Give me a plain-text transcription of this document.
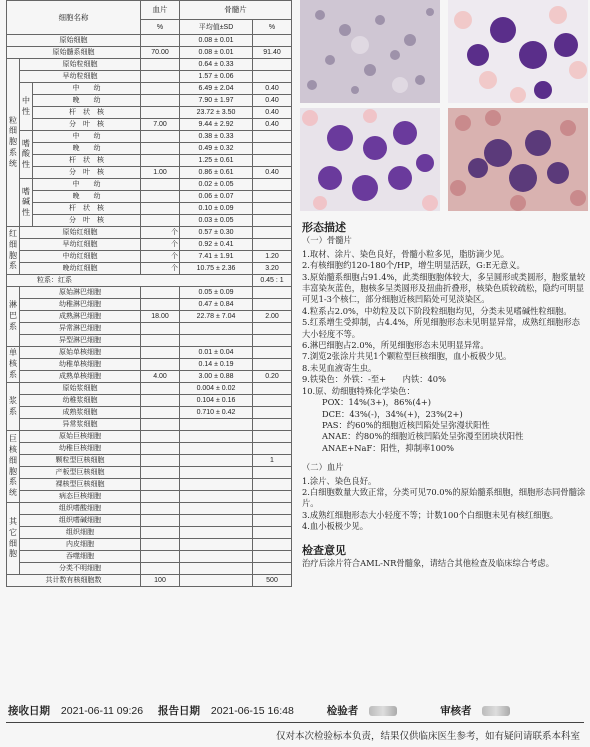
细胞名称			血片	骨髓片	
			%	平均值±SD	%
原始细胞				0.08 ± 0.01	
原始髓系细胞			70.00	0.08 ± 0.01	91.40
粒细胞系统	原始粒细胞			0.64 ± 0.33	
	早幼粒细胞			1.57 ± 0.06	
	中性	中　　幼		6.49 ± 2.04	0.40
		晚　　幼		7.90 ± 1.97	0.40
		杆　状　核		23.72 ± 3.50	0.40
		分　叶　核	7.00	9.44 ± 2.92	0.40
	嗜酸性	中　　幼		0.38 ± 0.33	
		晚　　幼		0.49 ± 0.32	
		杆　状　核		1.25 ± 0.61	
		分　叶　核	1.00	0.86 ± 0.61	0.40
	嗜碱性	中　　幼		0.02 ± 0.05	
		晚　　幼		0.06 ± 0.07	
		杆　状　核		0.10 ± 0.09	
		分　叶　核		0.03 ± 0.05	
红细胞系	原始红细胞		个	0.57 ± 0.30	
	早幼红细胞		个	0.92 ± 0.41	
	中幼红细胞		个	7.41 ± 1.91	1.20
	晚幼红细胞		个	10.75 ± 2.36	3.20
粒系：红系					0.45 : 1
淋巴系	原始淋巴细胞			0.05 ± 0.09	
	幼稚淋巴细胞			0.47 ± 0.84	
	成熟淋巴细胞		18.00	22.78 ± 7.04	2.00
	异常淋巴细胞				
	异型淋巴细胞				
单核系	原始单核细胞			0.01 ± 0.04	
	幼稚单核细胞			0.14 ± 0.19	
	成熟单核细胞		4.00	3.00 ± 0.88	0.20
浆系	原始浆细胞			0.004 ± 0.02	
	幼稚浆细胞			0.104 ± 0.16	
	成熟浆细胞			0.710 ± 0.42	
	异常浆细胞				
巨核细胞系统	原始巨核细胞				
	幼稚巨核细胞				
	颗粒型巨核细胞				1
	产板型巨核细胞				
	裸核型巨核细胞				
	病态巨核细胞				
其它细胞	组织嗜酸细胞				
	组织嗜碱细胞				
	组织细胞				
	内皮细胞				
	吞噬细胞				
	分类不明细胞				
共计数有核细胞数			100		500
形态描述
（一）骨髓片
1.取材、涂片、染色良好，骨髓小粒多见，脂肪滴少见。
2.有核细胞约120-180个/HP，增生明显活跃，G:E无意义。
3.原始髓系细胞占91.4%，此类细胞胞体较大，多呈圆形或类圆形，胞浆量较丰富染灰蓝色，胞核多呈类圆形及扭曲折叠形，核染色质较疏松，隐约可明显可见1-3个核仁，部分细胞近核凹陷处可见淡染区。
4.粒系占2.0%，中幼粒及以下阶段粒细胞均见，分类未见嗜碱性粒细胞。
5.红系增生受抑制，占4.4%，所见细胞形态未见明显异常，成熟红细胞形态大小轻度不等。
6.淋巴细胞占2.0%，所见细胞形态未见明显异常。
7.浏览2张涂片共见1个颗粒型巨核细胞，血小板极少见。
8.未见血液寄生虫。
9.铁染色：外铁：-至+　　内铁：40%
10.原、幼细胞特殊化学染色：
POX：14%(3+)，86%(4+)
DCE：43%(-)，34%(+)，23%(2+)
PAS：约60%的细胞近核凹陷处呈弥漫状阳性
ANAE：约80%的细胞近核凹陷处呈弥漫至团块状阳性
ANAE+NaF：阳性，抑制率100%
（二）血片
1.涂片、染色良好。
2.白细胞数量大致正常，分类可见70.0%的原始髓系细胞，细胞形态同骨髓涂片。
3.成熟红细胞形态大小轻度不等；计数100个白细胞未见有核红细胞。
4.血小板极少见。
检查意见
治疗后涂片符合AML-NR骨髓象，请结合其他检查及临床综合考虑。
接收日期 2021-06-11 09:26 报告日期 2021-06-15 16:48	检验者	审核者
仅对本次检验标本负责，结果仅供临床医生参考，如有疑问请联系本科室
